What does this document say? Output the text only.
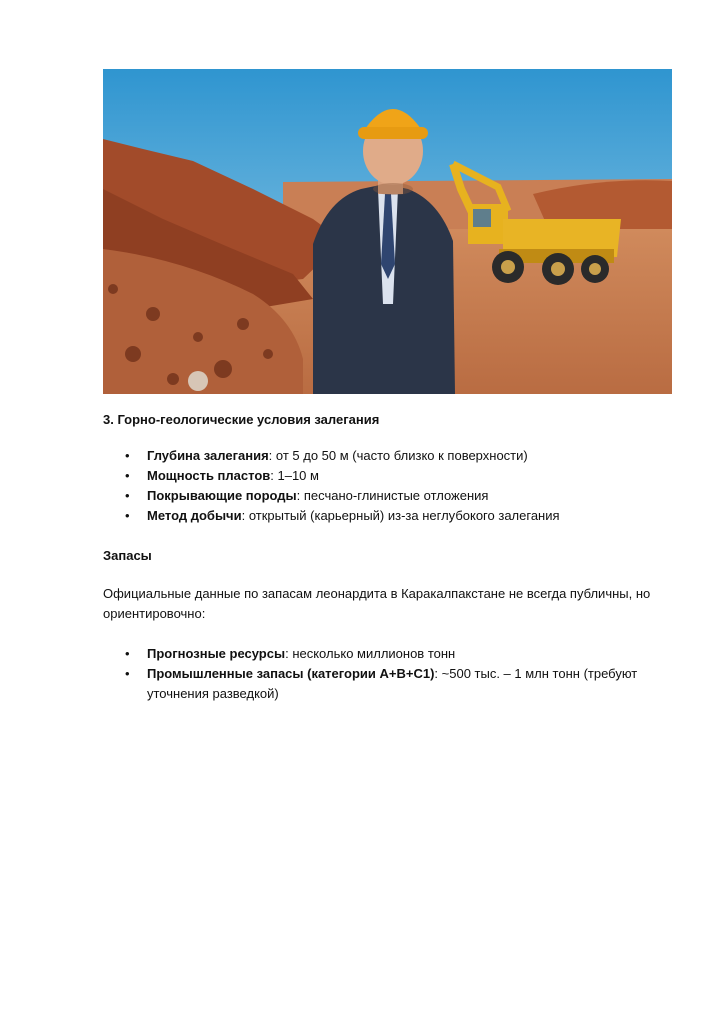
3. Горно-геологические условия залегания
• Глубина залегания: от 5 до 50 м (часто близко к поверхности)
• Мощность пластов: 1–10 м
• Покрывающие породы: песчано-глинистые отложения
• Метод добычи: открытый (карьерный) из-за неглубокого залегания
Запасы

Официальные данные по запасам леонардита в Каракалпакстане не всегда публичны, но ориентировочно:

• Прогнозные ресурсы: несколько миллионов тонн
• Промышленные запасы (категории A+B+C1): ~500 тыс. – 1 млн тонн (требуют уточнения разведкой)
